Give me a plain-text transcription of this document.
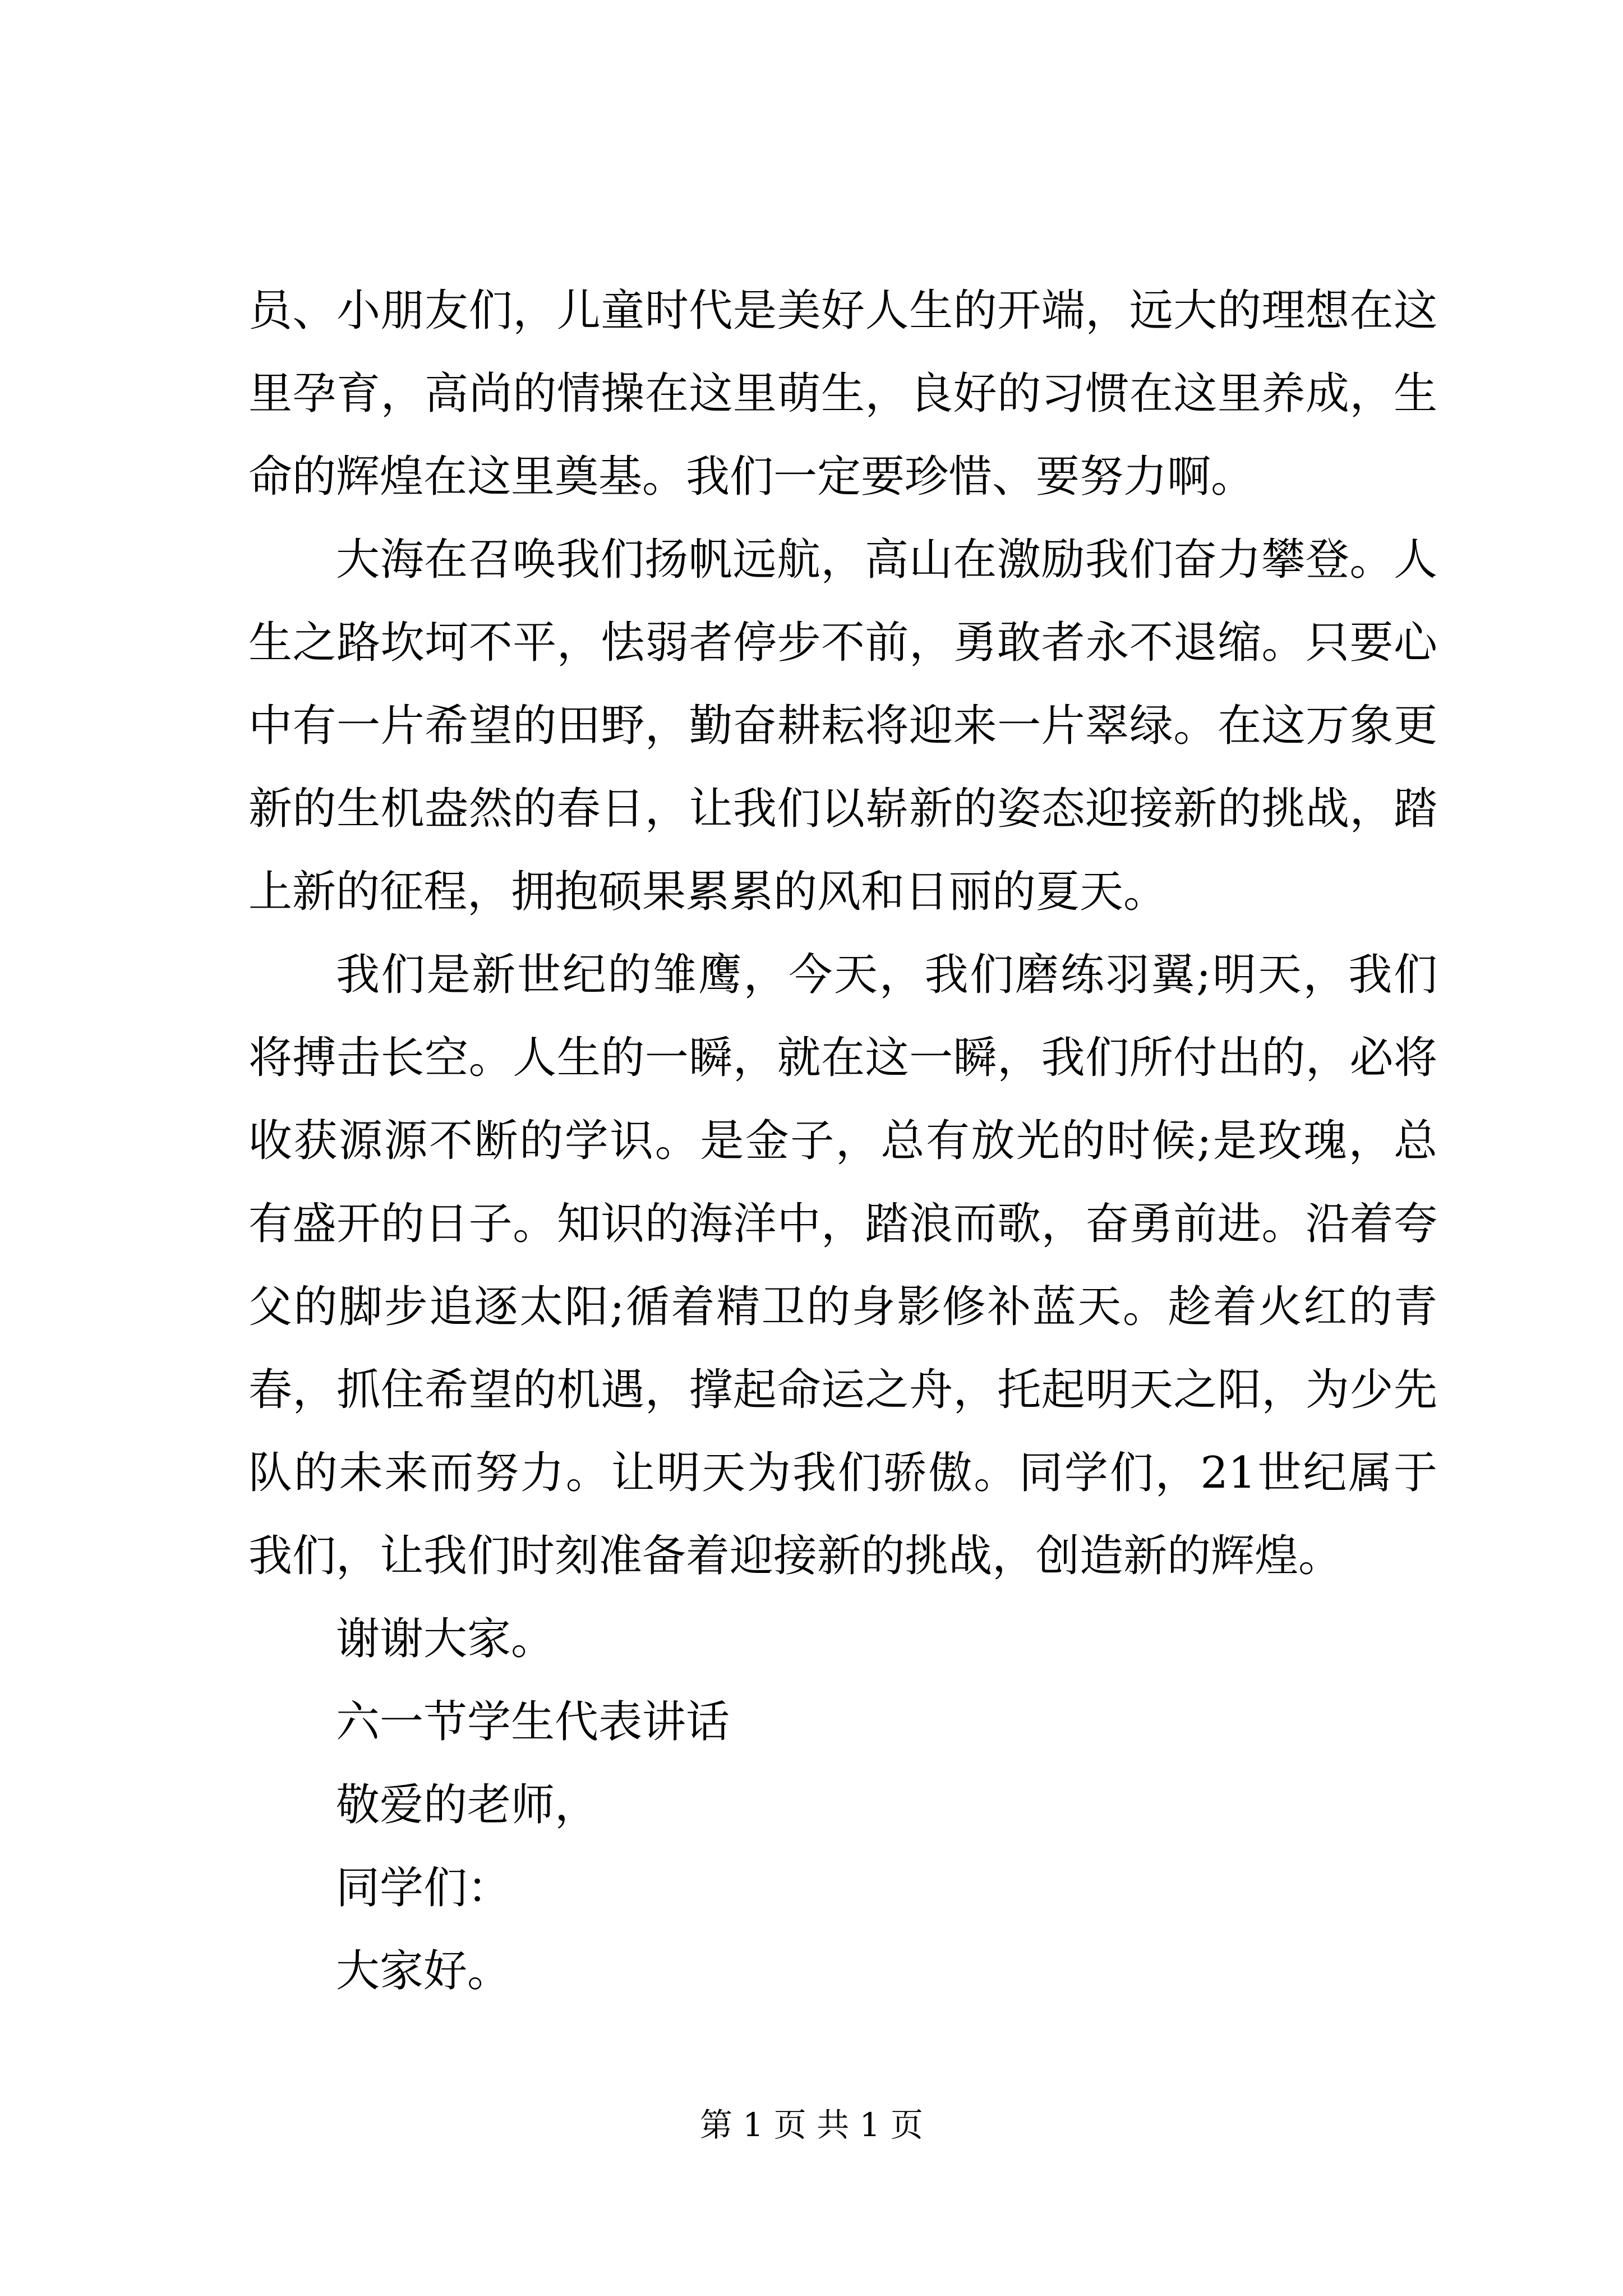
员、小朋友们，儿童时代是美好人生的开端，远大的理想在这里孕育，高尚的情操在这里萌生，良好的习惯在这里养成，生命的辉煌在这里奠基。我们一定要珍惜、要努力啊。

大海在召唤我们扬帆远航，高山在激励我们奋力攀登。人生之路坎坷不平，怯弱者停步不前，勇敢者永不退缩。只要心中有一片希望的田野，勤奋耕耘将迎来一片翠绿。在这万象更新的生机盎然的春日，让我们以崭新的姿态迎接新的挑战，踏上新的征程，拥抱硕果累累的风和日丽的夏天。

我们是新世纪的雏鹰，今天，我们磨练羽翼;明天，我们将搏击长空。人生的一瞬，就在这一瞬，我们所付出的，必将收获源源不断的学识。是金子，总有放光的时候;是玫瑰，总有盛开的日子。知识的海洋中，踏浪而歌，奋勇前进。沿着夸父的脚步追逐太阳;循着精卫的身影修补蓝天。趁着火红的青春，抓住希望的机遇，撑起命运之舟，托起明天之阳，为少先队的未来而努力。让明天为我们骄傲。同学们，21世纪属于我们，让我们时刻准备着迎接新的挑战，创造新的辉煌。

谢谢大家。

六一节学生代表讲话

敬爱的老师，

同学们：

大家好。

第 1 页 共 1 页
